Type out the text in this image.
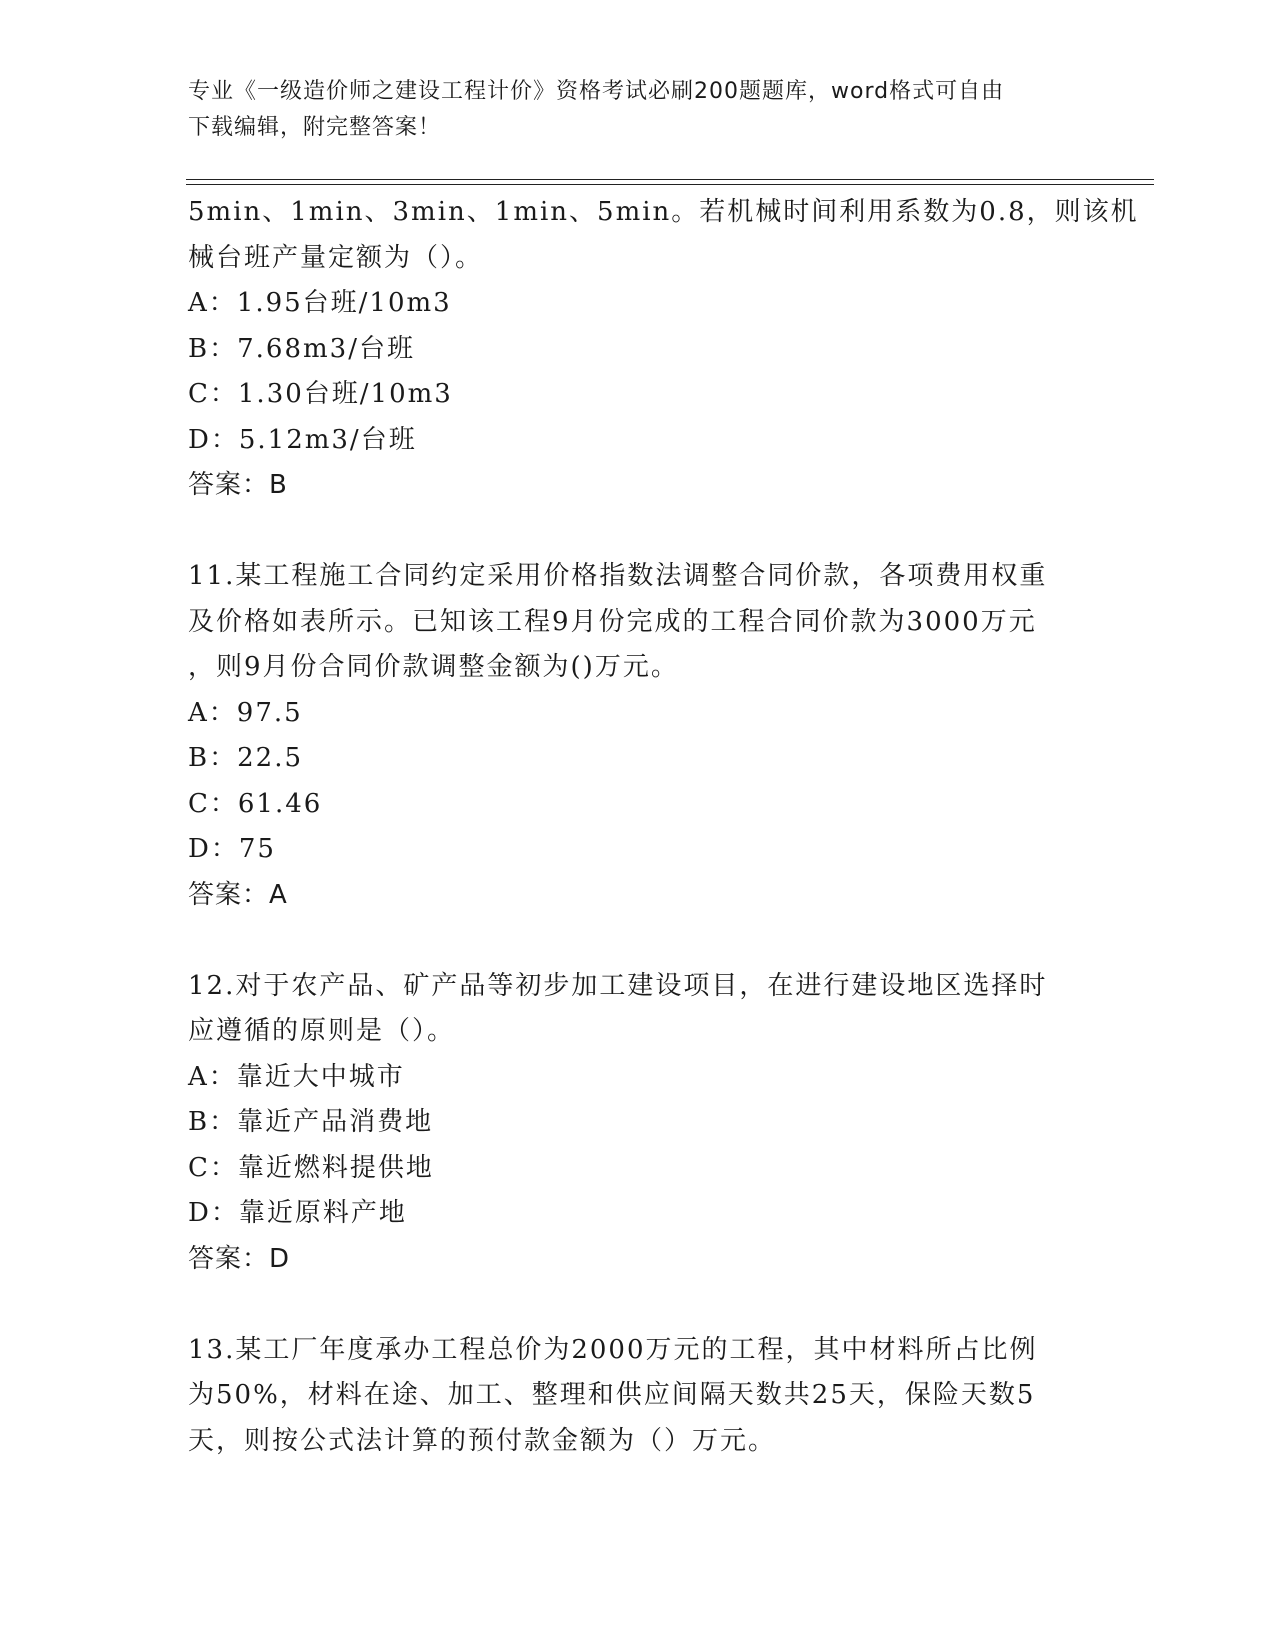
专业《一级造价师之建设工程计价》资格考试必刷200题题库，word格式可自由
下载编辑，附完整答案！
5min、1min、3min、1min、5min。若机械时间利用系数为0.8，则该机
械台班产量定额为（）。
A：1.95台班/10m3
B：7.68m3/台班
C：1.30台班/10m3
D：5.12m3/台班
答案：B
11.某工程施工合同约定采用价格指数法调整合同价款，各项费用权重
及价格如表所示。已知该工程9月份完成的工程合同价款为3000万元
，则9月份合同价款调整金额为()万元。
A：97.5
B：22.5
C：61.46
D：75
答案：A
12.对于农产品、矿产品等初步加工建设项目，在进行建设地区选择时
应遵循的原则是（）。
A：靠近大中城市
B：靠近产品消费地
C：靠近燃料提供地
D：靠近原料产地
答案：D
13.某工厂年度承办工程总价为2000万元的工程，其中材料所占比例
为50%，材料在途、加工、整理和供应间隔天数共25天，保险天数5
天，则按公式法计算的预付款金额为（）万元。
